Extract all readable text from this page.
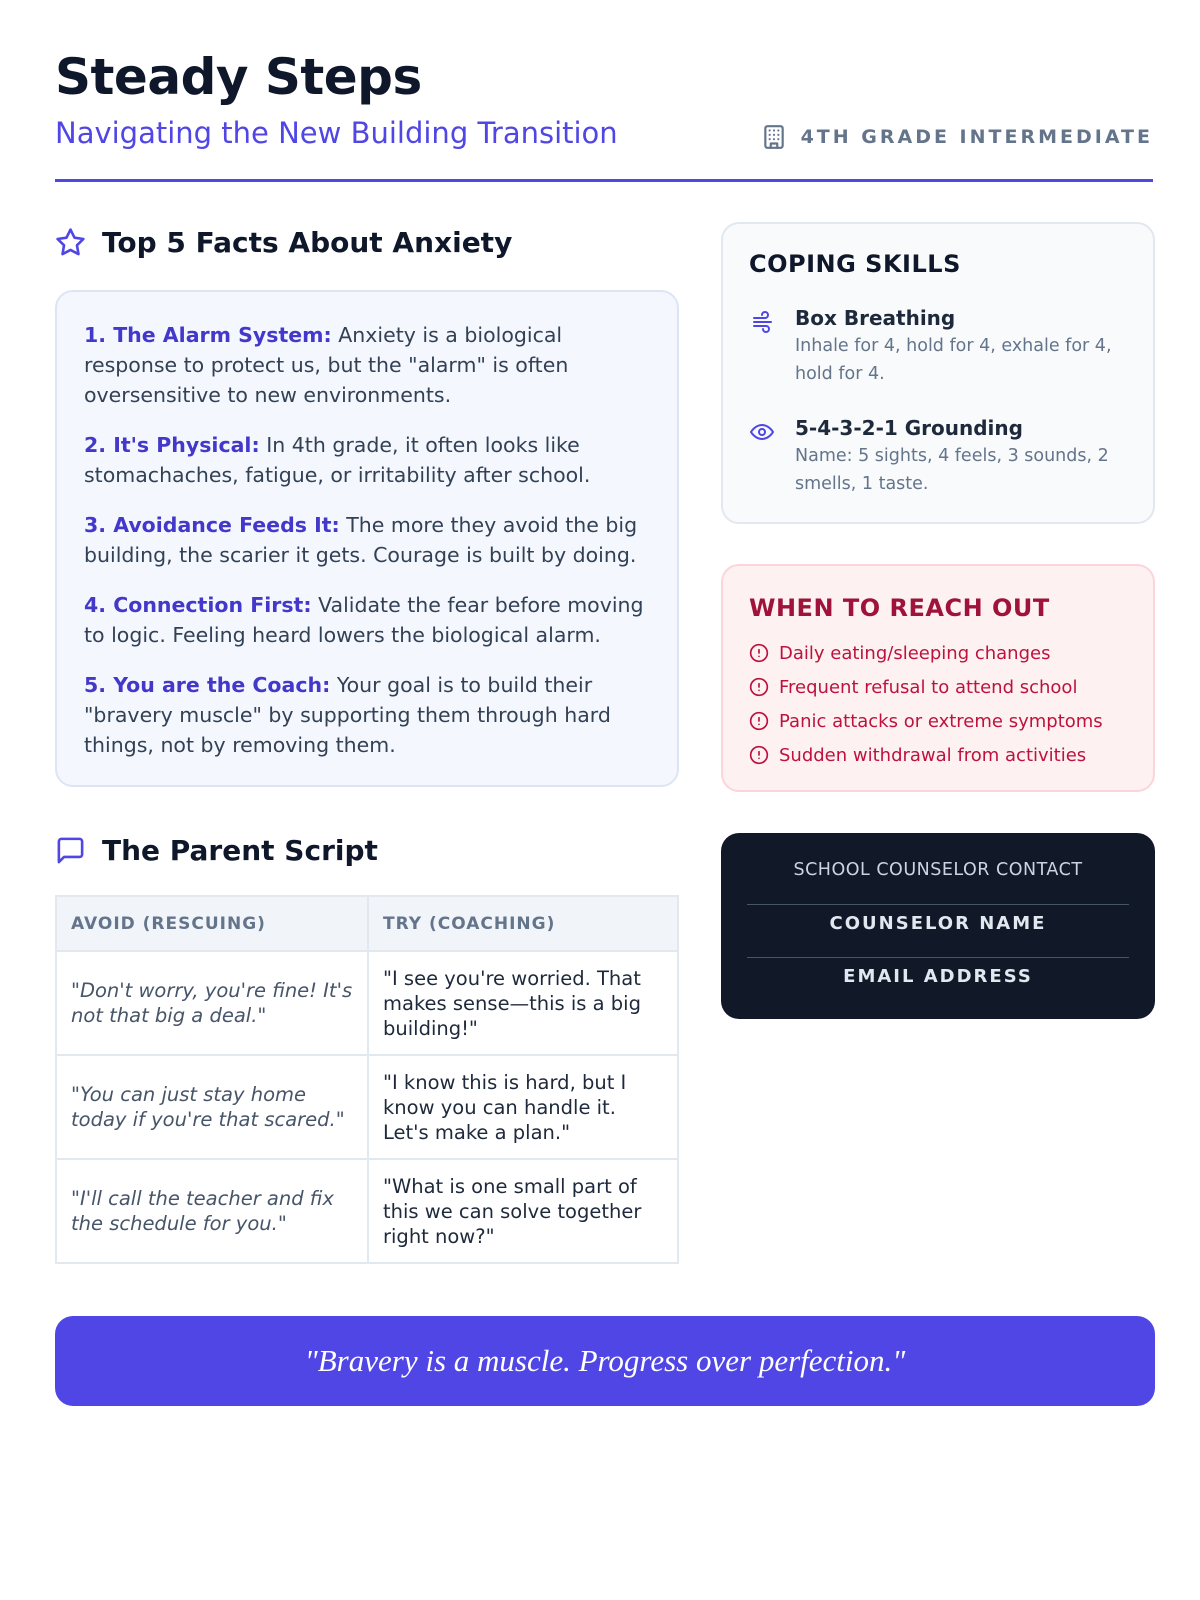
Steady Steps
Navigating the New Building Transition	4TH GRADE INTERMEDIATE
Top 5 Facts About Anxiety

1. The Alarm System: Anxiety is a biological response to protect us, but the "alarm" is often oversensitive to new environments.

2. It's Physical: In 4th grade, it often looks like stomachaches, fatigue, or irritability after school.

3. Avoidance Feeds It: The more they avoid the big building, the scarier it gets. Courage is built by doing.

4. Connection First: Validate the fear before moving to logic. Feeling heard lowers the biological alarm.

5. You are the Coach: Your goal is to build their "bravery muscle" by supporting them through hard things, not by removing them.

The Parent Script
AVOID (RESCUING)	TRY (COACHING)
"Don't worry, you're fine! It's not that big a deal."	"I see you're worried. That makes sense—this is a big building!"
"You can just stay home today if you're that scared."	"I know this is hard, but I know you can handle it. Let's make a plan."
"I'll call the teacher and fix the schedule for you."	"What is one small part of this we can solve together right now?"
COPING SKILLS
Box Breathing
Inhale for 4, hold for 4, exhale for 4, hold for 4.
5-4-3-2-1 Grounding
Name: 5 sights, 4 feels, 3 sounds, 2 smells, 1 taste.
WHEN TO REACH OUT
Daily eating/sleeping changes
Frequent refusal to attend school
Panic attacks or extreme symptoms
Sudden withdrawal from activities
SCHOOL COUNSELOR CONTACT
COUNSELOR NAME
EMAIL ADDRESS
"Bravery is a muscle. Progress over perfection."
